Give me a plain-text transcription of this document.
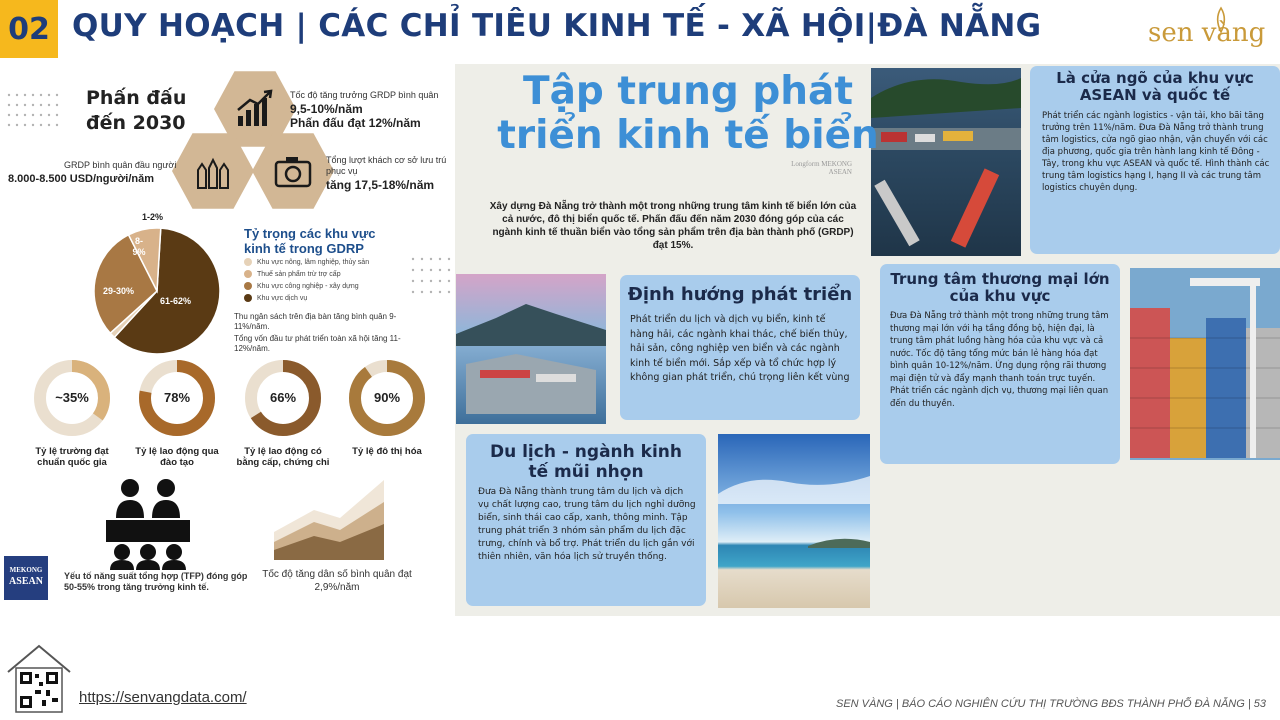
02 QUY HOẠCH | CÁC CHỈ TIÊU KINH TẾ - XÃ HỘI|ĐÀ NẴNG	sen vàng
Phấn đấu
đến 2030
Tốc độ tăng trưởng GRDP bình quân
9,5-10%/năm
Phấn đấu đạt 12%/năm
GRDP bình quân đầu người
8.000-8.500 USD/người/năm
Tổng lượt khách cơ sở lưu trú phục vụ
tăng 17,5-18%/năm
61-62%
29-30%
8-9%
1-2%
Tỷ trọng các khu vực kinh tế trong GDRP
Khu vực nông, lâm nghiệp, thủy sản
Thuế sản phẩm trừ trợ cấp
Khu vực công nghiệp - xây dựng
Khu vực dịch vụ
Thu ngân sách trên địa bàn tăng bình quân 9-11%/năm.
Tổng vốn đầu tư phát triển toàn xã hội tăng 11-12%/năm.
~35%	78%	66%	90%
Tỷ lệ trường đạt chuẩn quốc gia
Tỷ lệ lao động qua đào tạo
Tỷ lệ lao động có bằng cấp, chứng chỉ
Tỷ lệ đô thị hóa
Yếu tố năng suất tổng hợp (TFP) đóng góp 50-55% trong tăng trưởng kinh tế.
Tốc độ tăng dân số bình quân đạt 2,9%/năm
MEKONG
ASEAN
Là cửa ngõ của khu vực ASEAN và quốc tế
Phát triển các ngành logistics - vận tải, kho bãi tăng trưởng trên 11%/năm. Đưa Đà Nẵng trở thành trung tâm logistics, cửa ngõ giao nhận, vận chuyển với các địa phương, quốc gia trên hành lang kinh tế Đông - Tây, trong khu vực ASEAN và quốc tế. Hình thành các trung tâm logistics hạng I, hạng II và các trung tâm logistics chuyên dụng.
Tập trung phát triển kinh tế biển
Longform MEKONG ASEAN
Xây dựng Đà Nẵng trở thành một trong những trung tâm kinh tế biển lớn của cả nước, đô thị biển quốc tế. Phấn đấu đến năm 2030 đóng góp của các ngành kinh tế thuần biển vào tổng sản phẩm trên địa bàn thành phố (GRDP) đạt 15%.
Định hướng phát triển
Phát triển du lịch và dịch vụ biển, kinh tế hàng hải, các ngành khai thác, chế biến thủy, hải sản, công nghiệp ven biển và các ngành kinh tế biển mới. Sắp xếp và tổ chức hợp lý không gian phát triển, chú trọng liên kết vùng
Trung tâm thương mại lớn của khu vực
Đưa Đà Nẵng trở thành một trong những trung tâm thương mại lớn với hạ tầng đồng bộ, hiện đại, là trung tâm phát luồng hàng hóa của khu vực và cả nước. Tốc độ tăng tổng mức bán lẻ hàng hóa đạt bình quân 10-12%/năm. Ứng dụng rộng rãi thương mại điện tử và đẩy mạnh thanh toán trực tuyến. Phát triển các ngành dịch vụ, thương mại liên quan đến du thuyền.
Du lịch - ngành kinh tế mũi nhọn
Đưa Đà Nẵng thành trung tâm du lịch và dịch vụ chất lượng cao, trung tâm du lịch nghỉ dưỡng biển, sinh thái cao cấp, xanh, thông minh. Tập trung phát triển 3 nhóm sản phẩm du lịch đặc trưng, chính và bổ trợ. Phát triển du lịch gắn với thiên nhiên, văn hóa lịch sử truyền thống.
https://senvangdata.com/	SEN VÀNG | BÁO CÁO NGHIÊN CỨU THỊ TRƯỜNG BĐS THÀNH PHỐ ĐÀ NẴNG | 53
